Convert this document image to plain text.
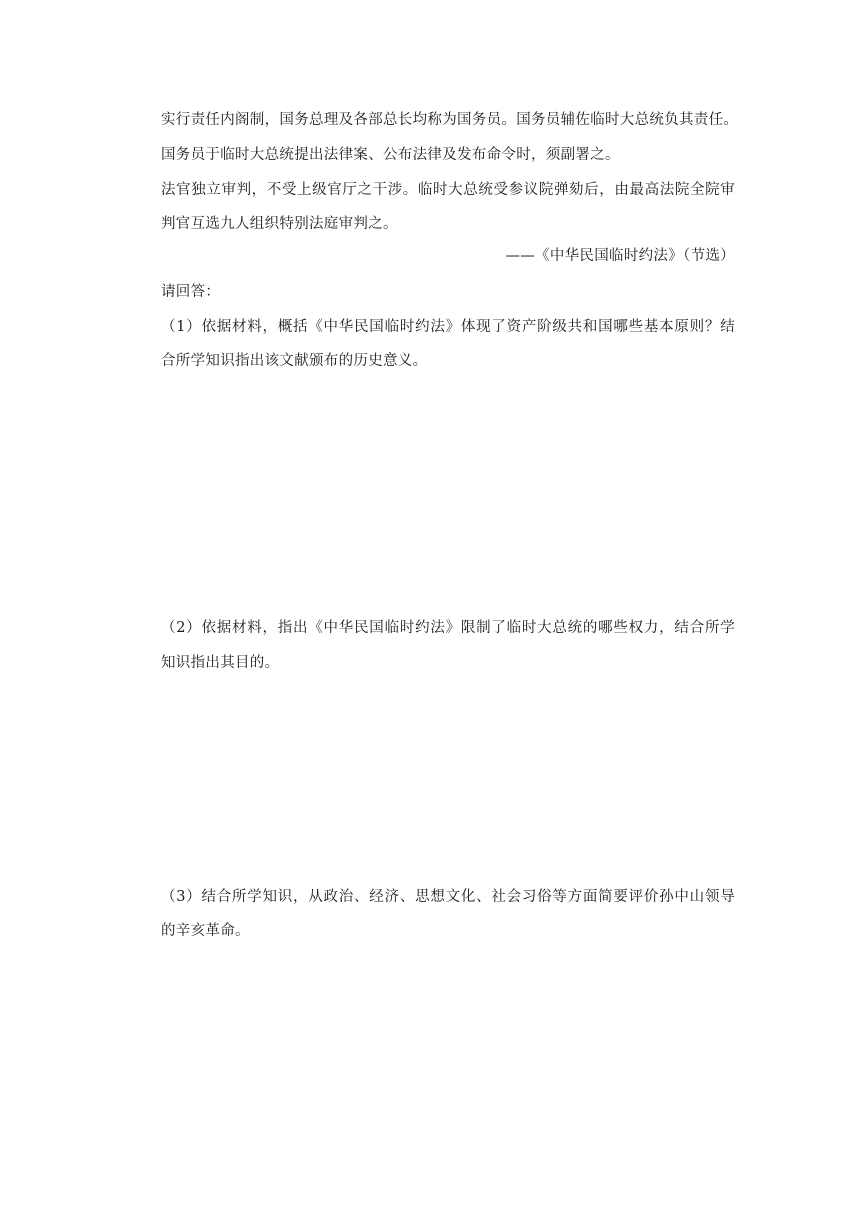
实行责任内阁制，国务总理及各部总长均称为国务员。国务员辅佐临时大总统负其责任。
国务员于临时大总统提出法律案、公布法律及发布命令时，须副署之。
法官独立审判，不受上级官厅之干涉。临时大总统受参议院弹劾后，由最高法院全院审
判官互选九人组织特别法庭审判之。
——《中华民国临时约法》（节选）
请回答：
（1）依据材料，概括《中华民国临时约法》体现了资产阶级共和国哪些基本原则？结
合所学知识指出该文献颁布的历史意义。
（2）依据材料，指出《中华民国临时约法》限制了临时大总统的哪些权力，结合所学
知识指出其目的。
（3）结合所学知识，从政治、经济、思想文化、社会习俗等方面简要评价孙中山领导
的辛亥革命。
